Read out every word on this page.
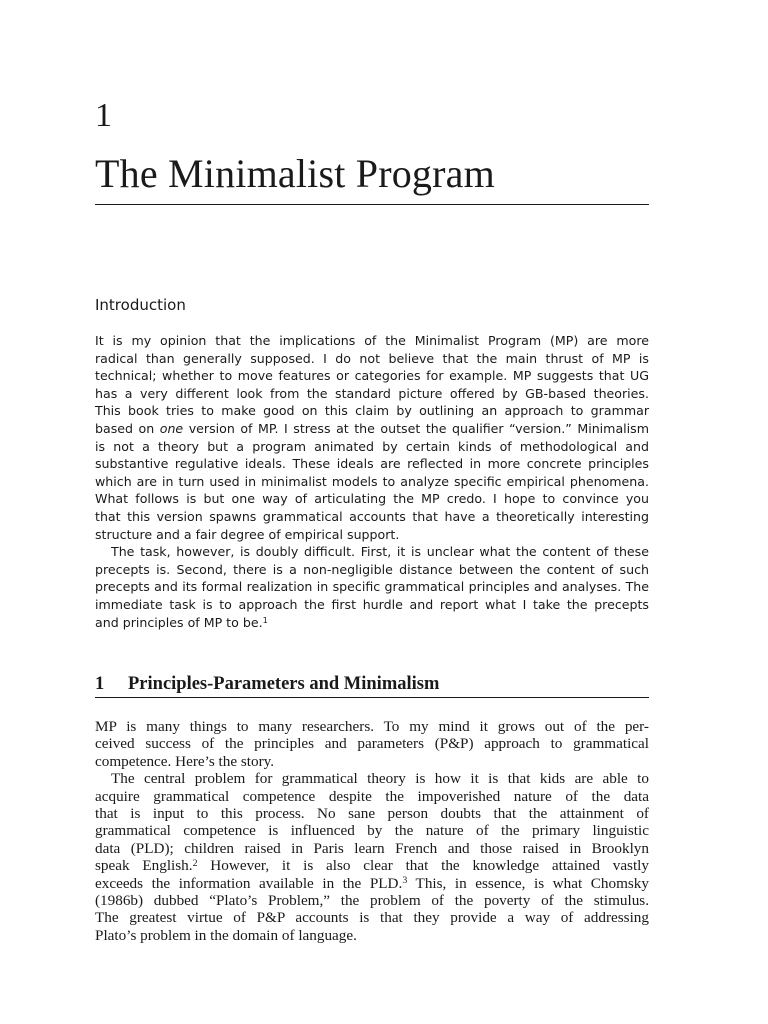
1
The Minimalist Program
Introduction
It is my opinion that the implications of the Minimalist Program (MP) are more
radical than generally supposed. I do not believe that the main thrust of MP is
technical; whether to move features or categories for example. MP suggests that UG
has a very different look from the standard picture offered by GB-based theories.
This book tries to make good on this claim by outlining an approach to grammar
based on one version of MP. I stress at the outset the qualifier “version.” Minimalism
is not a theory but a program animated by certain kinds of methodological and
substantive regulative ideals. These ideals are reflected in more concrete principles
which are in turn used in minimalist models to analyze specific empirical phenomena.
What follows is but one way of articulating the MP credo. I hope to convince you
that this version spawns grammatical accounts that have a theoretically interesting
structure and a fair degree of empirical support.
The task, however, is doubly difficult. First, it is unclear what the content of these
precepts is. Second, there is a non-negligible distance between the content of such
precepts and its formal realization in specific grammatical principles and analyses. The
immediate task is to approach the first hurdle and report what I take the precepts
and principles of MP to be.$^1$
1 Principles-Parameters and Minimalism
MP is many things to many researchers. To my mind it grows out of the per-
ceived success of the principles and parameters (P&P) approach to grammatical
competence. Here’s the story.
The central problem for grammatical theory is how it is that kids are able to
acquire grammatical competence despite the impoverished nature of the data
that is input to this process. No sane person doubts that the attainment of
grammatical competence is influenced by the nature of the primary linguistic
data (PLD); children raised in Paris learn French and those raised in Brooklyn
speak English.$^2$ However, it is also clear that the knowledge attained vastly
exceeds the information available in the PLD.$^3$ This, in essence, is what Chomsky
(1986b) dubbed “Plato’s Problem,” the problem of the poverty of the stimulus.
The greatest virtue of P&P accounts is that they provide a way of addressing
Plato’s problem in the domain of language.
